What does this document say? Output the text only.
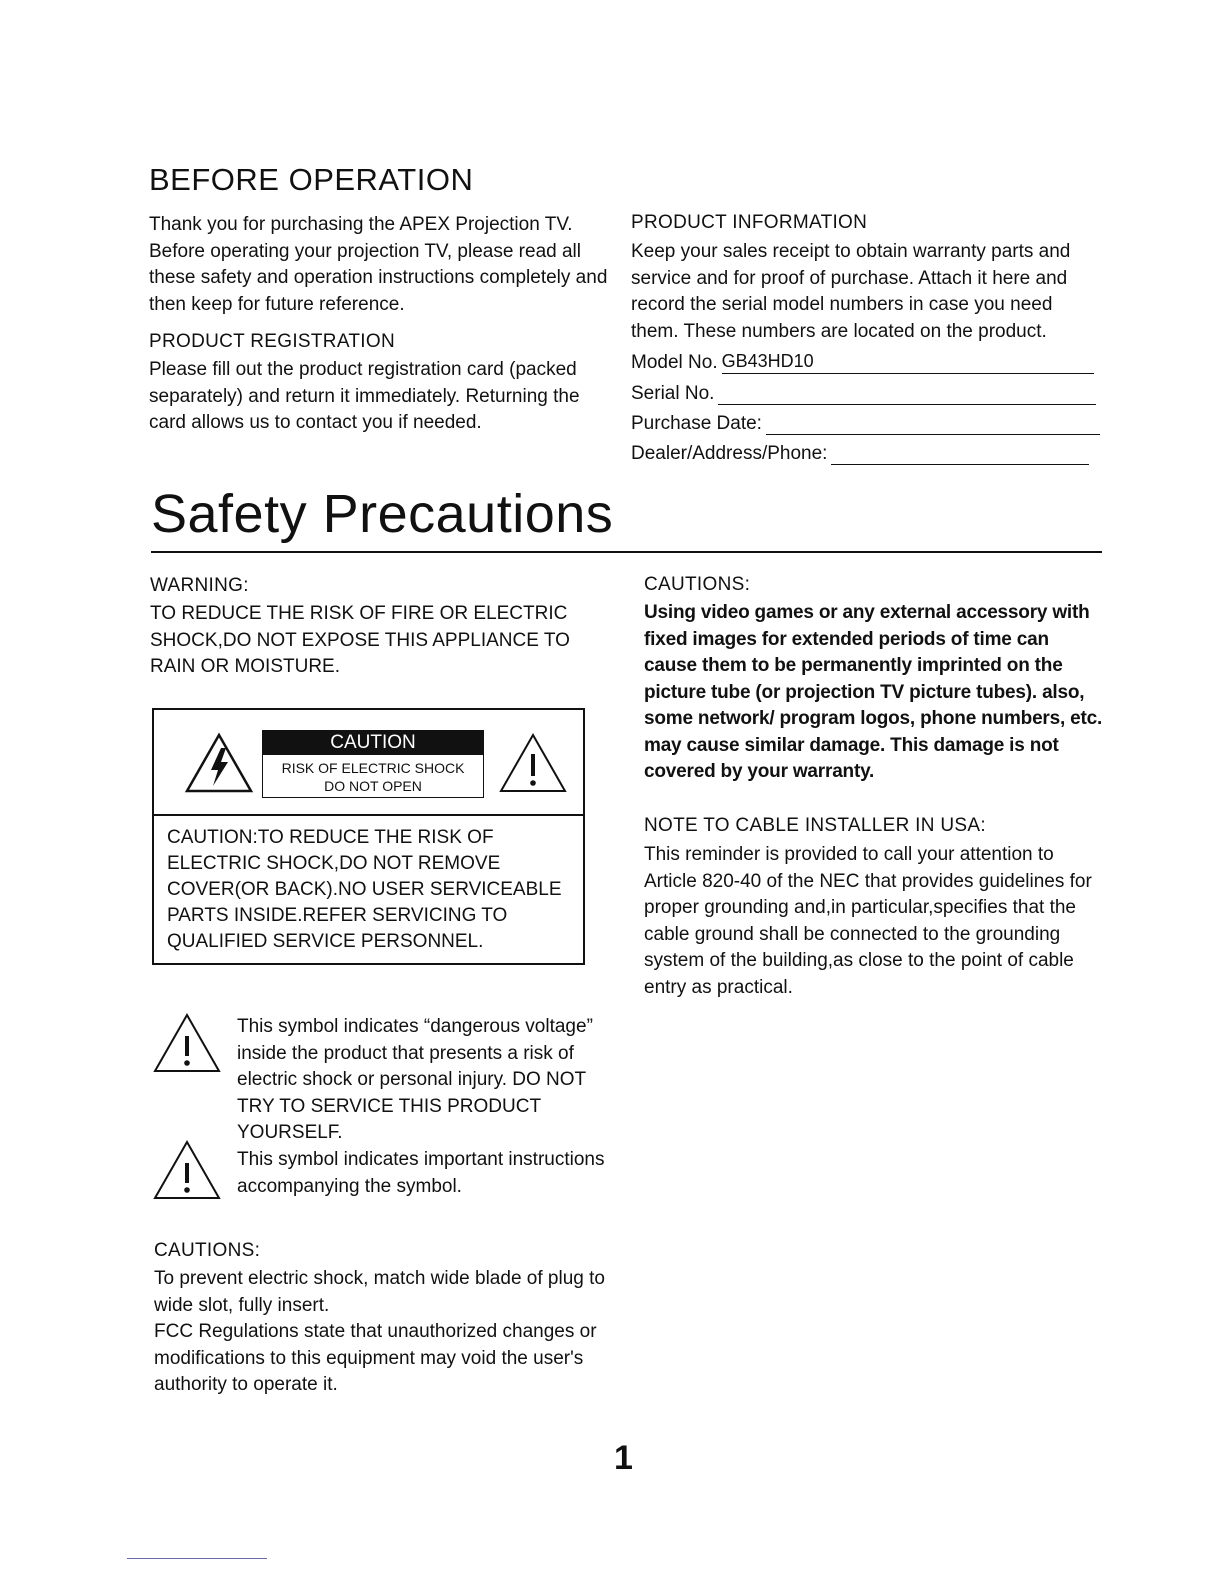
BEFORE OPERATION
Thank you for purchasing the APEX Projection TV. Before operating your projection TV, please read all these safety and operation instructions completely and then keep for future reference.
PRODUCT REGISTRATION
Please fill out the product registration card (packed separately) and return it immediately. Returning the card allows us to contact you if needed.
PRODUCT INFORMATION
Keep your sales receipt to obtain warranty parts and service and for proof of purchase. Attach it here and record the serial model numbers in case you need them. These numbers are located on the product.
Model No. GB43HD10
Serial No.
Purchase Date:
Dealer/Address/Phone:
Safety Precautions
WARNING:
TO REDUCE THE RISK OF FIRE OR ELECTRIC SHOCK,DO NOT EXPOSE THIS APPLIANCE TO RAIN OR MOISTURE.
CAUTION
RISK OF ELECTRIC SHOCK
DO NOT OPEN
CAUTION:TO REDUCE THE RISK OF ELECTRIC SHOCK,DO NOT REMOVE COVER(OR BACK).NO USER SERVICEABLE PARTS INSIDE.REFER SERVICING TO QUALIFIED SERVICE PERSONNEL.
This symbol indicates “dangerous voltage” inside the product that presents a risk of electric shock or personal injury. DO NOT TRY TO SERVICE THIS PRODUCT YOURSELF.
This symbol indicates important instructions accompanying the symbol.
CAUTIONS:
To prevent electric shock, match wide blade of plug to wide slot, fully insert.
FCC Regulations state that unauthorized changes or modifications to this equipment may void the user's authority to operate it.
CAUTIONS:
Using video games or any external accessory with fixed images for extended periods of time can cause them to be permanently imprinted on the picture tube (or projection TV picture tubes). also, some network/ program logos, phone numbers, etc. may cause similar damage. This damage is not covered by your warranty.
NOTE TO CABLE INSTALLER IN USA:
This reminder is provided to call your attention to Article 820-40 of the NEC that provides guidelines for proper grounding and,in particular,specifies that the cable ground shall be connected to the grounding system of the building,as close to the point of cable entry as practical.
1
